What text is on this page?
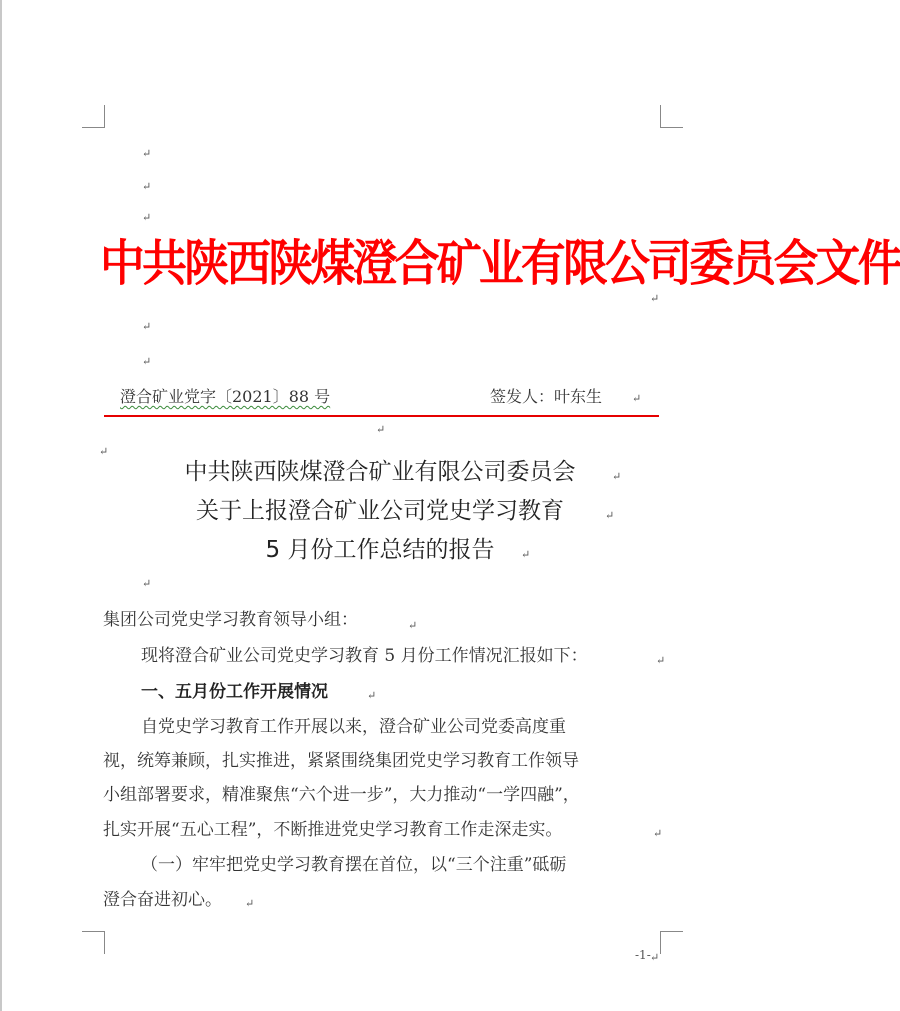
↵
↵
↵
↵
↵
↵
↵
↵
↵
↵
↵
↵
↵
↵
↵
↵
↵
↵
↵
中共陕西陕煤澄合矿业有限公司委员会文件
澄合矿业党字〔2021〕88 号	签发人：叶东生
中共陕西陕煤澄合矿业有限公司委员会
关于上报澄合矿业公司党史学习教育
5 月份工作总结的报告
集团公司党史学习教育领导小组：
现将澄合矿业公司党史学习教育 5 月份工作情况汇报如下：
一、五月份工作开展情况
自党史学习教育工作开展以来，澄合矿业公司党委高度重
视，统筹兼顾，扎实推进，紧紧围绕集团党史学习教育工作领导
小组部署要求，精准聚焦“六个进一步”，大力推动“一学四融”，
扎实开展“五心工程”，不断推进党史学习教育工作走深走实。
（一）牢牢把党史学习教育摆在首位，以“三个注重”砥砺
澄合奋进初心。
-1-
